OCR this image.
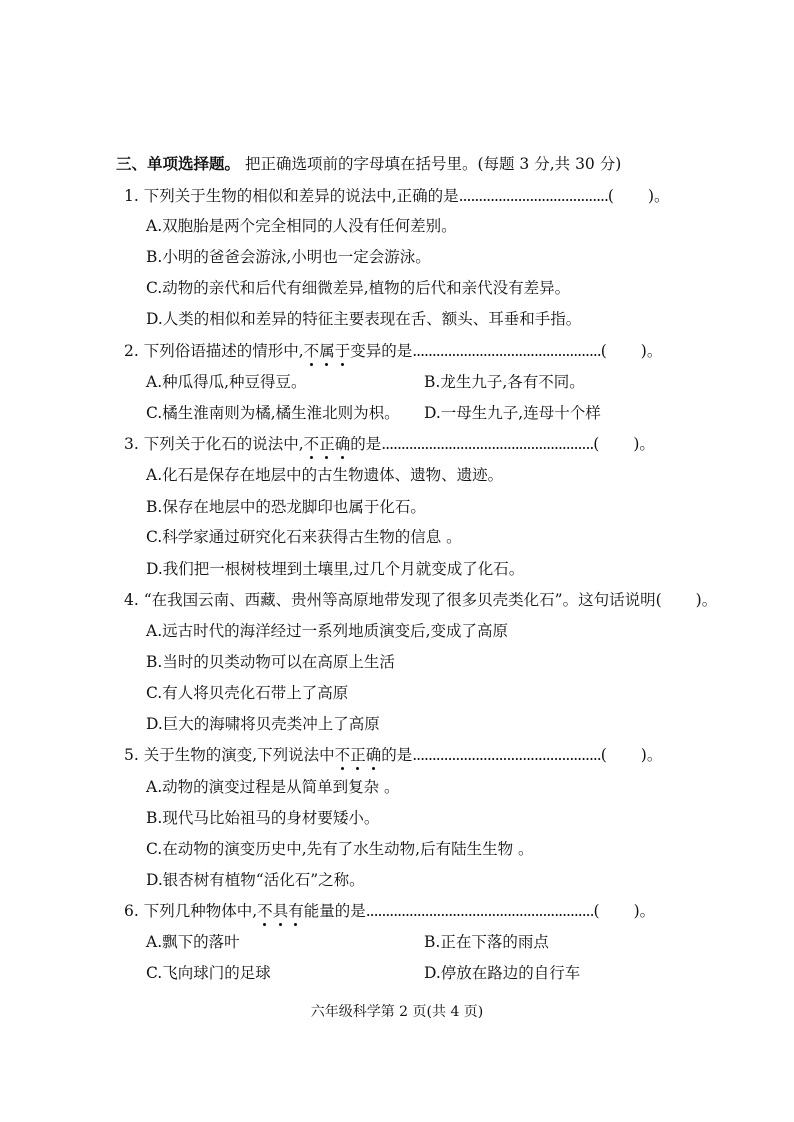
三、单项选择题。 把正确选项前的字母填在括号里。(每题 3 分,共 30 分)
1. 下列关于生物的相似和差异的说法中,正确的是......................................( )。
A.双胞胎是两个完全相同的人没有任何差别。
B.小明的爸爸会游泳,小明也一定会游泳。
C.动物的亲代和后代有细微差异,植物的后代和亲代没有差异。
D.人类的相似和差异的特征主要表现在舌、额头、耳垂和手指。
2. 下列俗语描述的情形中,不属于变异的是................................................( )。
A.种瓜得瓜,种豆得豆。	B.龙生九子,各有不同。
C.橘生淮南则为橘,橘生淮北则为枳。 D.一母生九子,连母十个样
3. 下列关于化石的说法中,不正确的是......................................................( )。
A.化石是保存在地层中的古生物遗体、遗物、遗迹。
B.保存在地层中的恐龙脚印也属于化石。
C.科学家通过研究化石来获得古生物的信息 。
D.我们把一根树枝埋到土壤里,过几个月就变成了化石。
4. “在我国云南、西藏、贵州等高原地带发现了很多贝壳类化石”。这句话说明( )。
A.远古时代的海洋经过一系列地质演变后,变成了高原
B.当时的贝类动物可以在高原上生活
C.有人将贝壳化石带上了高原
D.巨大的海啸将贝壳类冲上了高原
5. 关于生物的演变,下列说法中不正确的是................................................( )。
A.动物的演变过程是从简单到复杂 。
B.现代马比始祖马的身材要矮小。
C.在动物的演变历史中,先有了水生动物,后有陆生生物 。
D.银杏树有植物“活化石”之称。
6. 下列几种物体中,不具有能量的是..........................................................( )。
A.飘下的落叶	B.正在下落的雨点
C.飞向球门的足球	D.停放在路边的自行车
六年级科学第 2 页(共 4 页)
